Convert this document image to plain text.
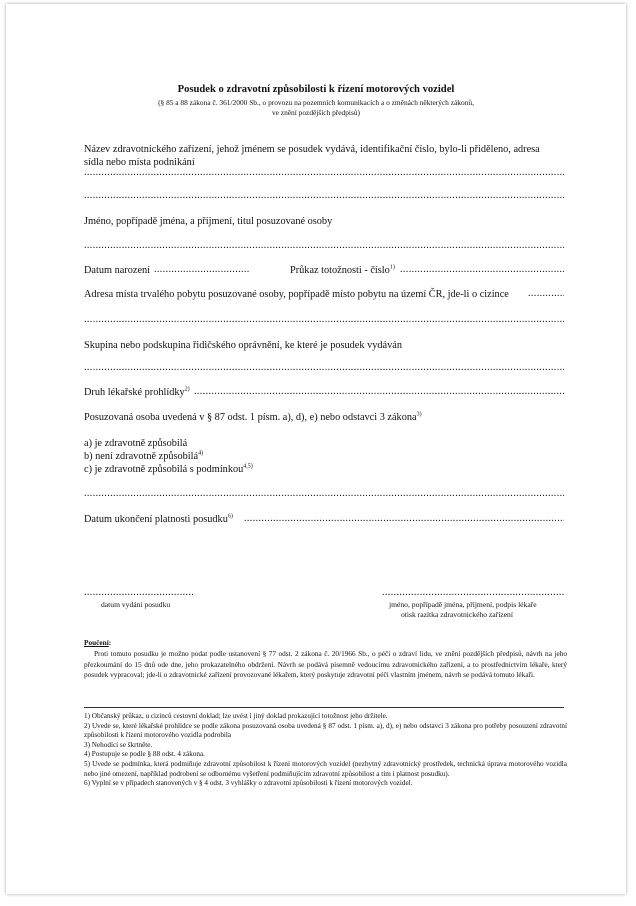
Posudek o zdravotní způsobilosti k řízení motorových vozidel
(§ 85 a 88 zákona č. 361/2000 Sb., o provozu na pozemních komunikacích a o změnách některých zákonů,
ve znění pozdějších předpisů)
Název zdravotnického zařízení, jehož jménem se posudek vydává, identifikační číslo, bylo-li přiděleno, adresa
sídla nebo místa podnikání
.....
.....
Jméno, popřípadě jména, a příjmení, titul posuzované osoby
.....
Datum narození
.....	Průkaz totožnosti - číslo$^{1)}$
.....
Adresa místa trvalého pobytu posuzované osoby, popřípadě místo pobytu na území ČR, jde-li o cizince
.....
.....
Skupina nebo podskupina řidičského oprávnění, ke které je posudek vydáván
.....
Druh lékařské prohlídky$^{2)}$
.....
Posuzovaná osoba uvedená v § 87 odst. 1 písm. a), d), e) nebo odstavci 3 zákona$^{3)}$
a) je zdravotně způsobilá
b) není zdravotně způsobilá$^{4)}$
c) je zdravotně způsobilá s podmínkou$^{4,5)}$
.....
Datum ukončení platnosti posudku$^{6)}$
.....
.....
datum vydání posudku
.....	jméno, popřípadě jména, příjmení, podpis lékaře
otisk razítka zdravotnického zařízení
Poučení:

Proti tomuto posudku je možno podat podle ustanovení § 77 odst. 2 zákona č. 20/1966 Sb., o péči o zdraví lidu, ve znění pozdějších předpisů, návrh na jeho přezkoumání do 15 dnů ode dne, jeho prokazatelného obdržení. Návrh se podává písemně vedoucímu zdravotnického zařízení, a to prostřednictvím lékaře, který posudek vypracoval; jde-li o zdravotnické zařízení provozované lékařem, který poskytuje zdravotní péči vlastním jménem, návrh se podává tomuto lékaři.

1) Občanský průkaz, u cizinců cestovní doklad; lze uvést i jiný doklad prokazující totožnost jeho držitele.
2) Uvede se, které lékařské prohlídce se podle zákona posuzovaná osoba uvedená § 87 odst. 1 písm. a), d), e) nebo odstavci 3 zákona pro potřeby posouzení zdravotní způsobilosti k řízení motorového vozidla podrobila
3) Nehodící se škrtněte.
4) Postupuje se podle § 88 odst. 4 zákona.
5) Uvede se podmínka, která podmiňuje zdravotní způsobilost k řízení motorových vozidel (nezbytný zdravotnický prostředek, technická úprava motorového vozidla nebo jiné omezení, například podrobení se odbornému vyšetření podmiňujícím zdravotní způsobilost a tím i platnost posudku).
6) Vyplní se v případech stanovených v § 4 odst. 3 vyhlášky o zdravotní způsobilosti k řízení motorových vozidel.
